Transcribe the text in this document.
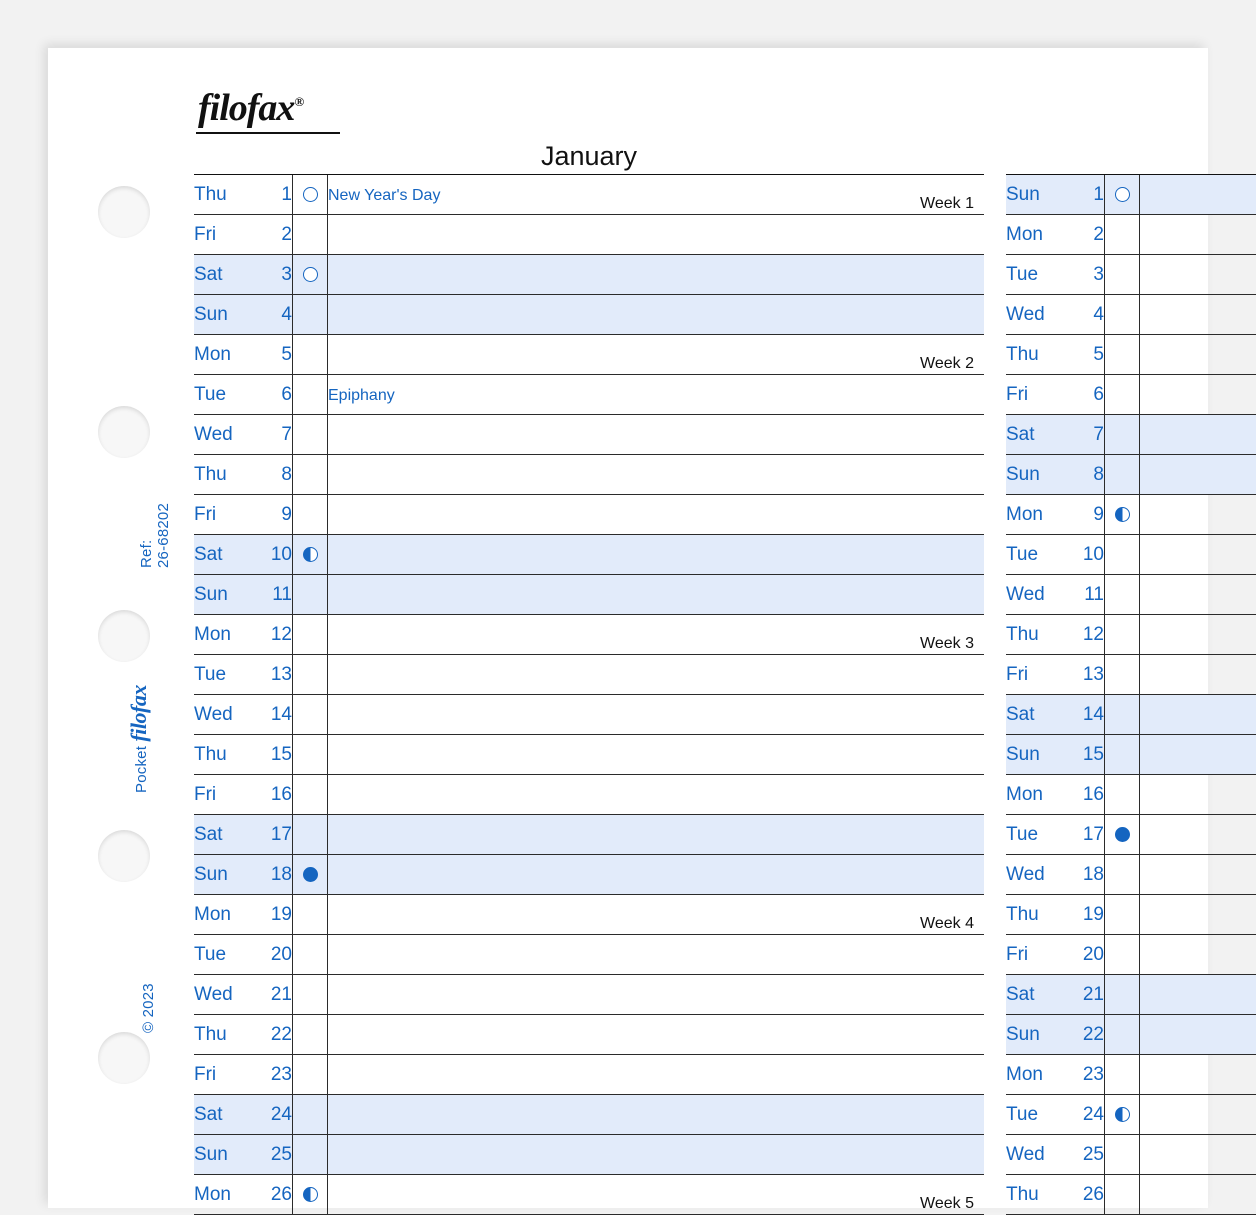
Ref: 26-68202
Pocket filofax
© 2023
filofax®
January
Thu	1		New Year's Day Week 1

Fri	2		
Sat	3		
Sun	4		
Mon	5		Week 2

Tue	6		Epiphany
Wed	7		
Thu	8		
Fri	9		
Sat	10		
Sun	11		
Mon	12		Week 3

Tue	13		
Wed	14		
Thu	15		
Fri	16		
Sat	17		
Sun	18		
Mon	19		Week 4

Tue	20		
Wed	21		
Thu	22		
Fri	23		
Sat	24		
Sun	25		
Mon	26		Week 5
Sun	1		
Mon	2		
Tue	3		
Wed	4		
Thu	5		
Fri	6		
Sat	7		
Sun	8		
Mon	9		
Tue	10		
Wed	11		
Thu	12		
Fri	13		
Sat	14		
Sun	15		
Mon	16		
Tue	17		
Wed	18		
Thu	19		
Fri	20		
Sat	21		
Sun	22		
Mon	23		
Tue	24		
Wed	25		
Thu	26		
